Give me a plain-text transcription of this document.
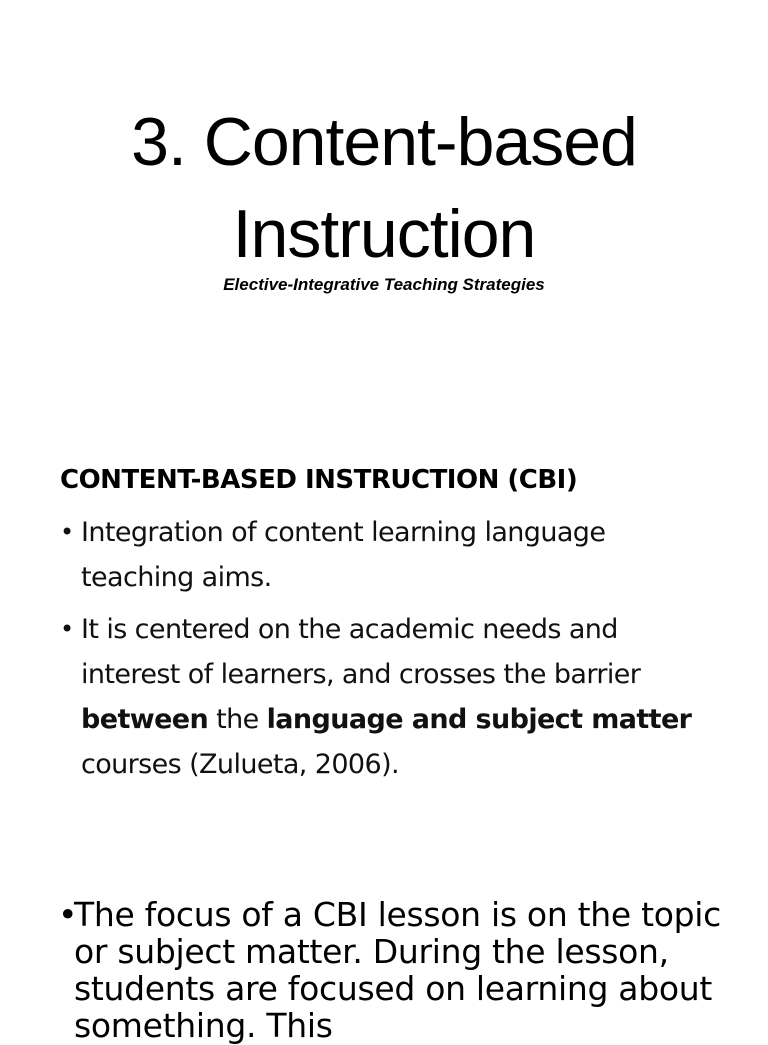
3. Content-based
Instruction
Elective-Integrative Teaching Strategies
CONTENT-BASED INSTRUCTION (CBI)
• Integration of content learning language teaching aims.
• It is centered on the academic needs and interest of learners, and crosses the barrier between the language and subject matter courses (Zulueta, 2006).

•
The focus of a CBI lesson is on the topic or subject matter. During the lesson, students are focused on learning about something. This
